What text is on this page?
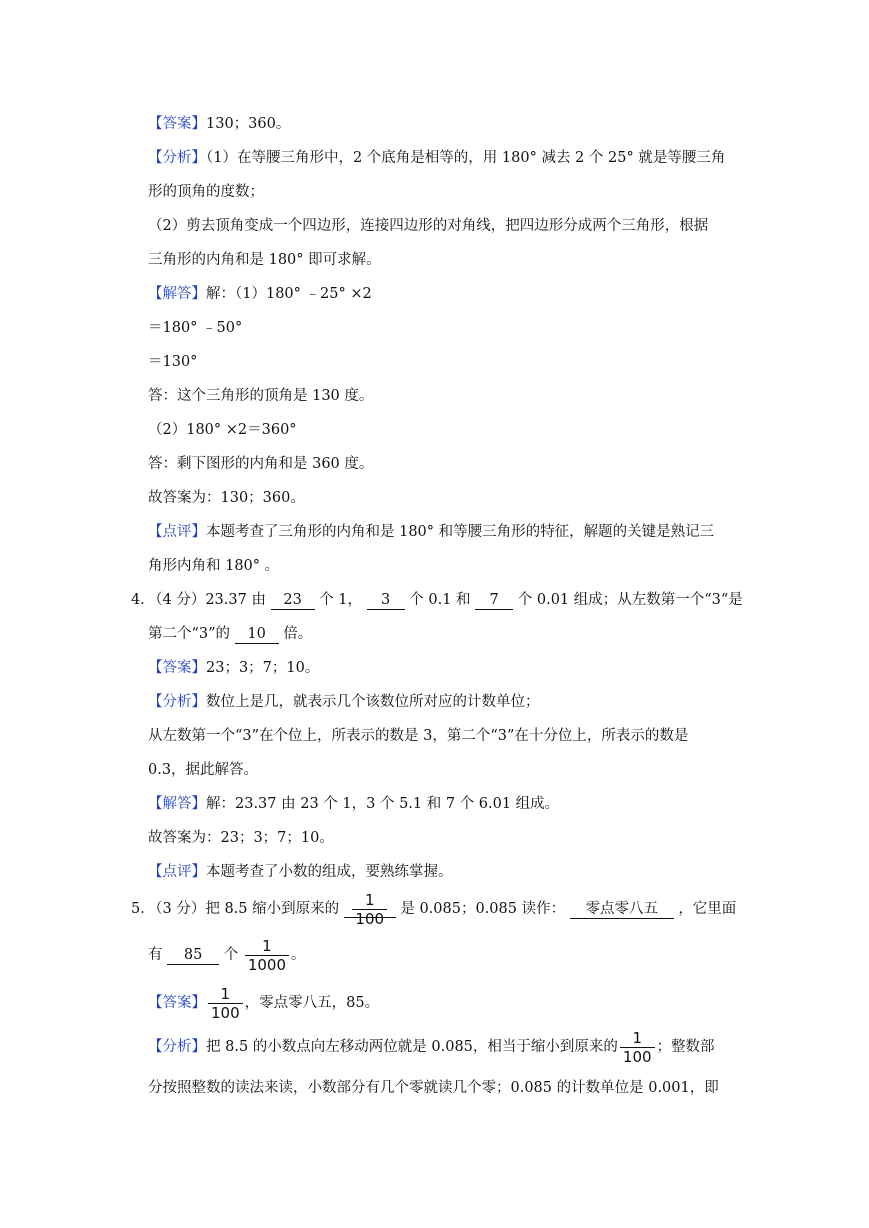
【答案】130；360。
【分析】（1）在等腰三角形中，2 个底角是相等的，用 180° 减去 2 个 25° 就是等腰三角
形的顶角的度数；
（2）剪去顶角变成一个四边形，连接四边形的对角线，把四边形分成两个三角形，根据
三角形的内角和是 180° 即可求解。
【解答】解：（1）180° ﹣25° ×2
＝180° ﹣50°
＝130°
答：这个三角形的顶角是 130 度。
（2）180° ×2＝360°
答：剩下图形的内角和是 360 度。
故答案为：130；360。
【点评】本题考查了三角形的内角和是 180° 和等腰三角形的特征，解题的关键是熟记三
角形内角和 180° 。
4．
（4 分）23.37 由 23 个 1， 3 个 0.1 和 7 个 0.01 组成；从左数第一个“3“是
第二个“3”的 10 倍。
【答案】23；3；7；10。
【分析】数位上是几，就表示几个该数位所对应的计数单位；
从左数第一个“3”在个位上，所表示的数是 3，第二个“3”在十分位上，所表示的数是
0.3，据此解答。
【解答】解：23.37 由 23 个 1，3 个 5.1 和 7 个 6.01 组成。
故答案为：23；3；7；10。
【点评】本题考查了小数的组成，要熟练掌握。
5．
（3 分）把 8.5 缩小到原来的 $\frac{1}{100}$ 是 0.085；0.085 读作： 零点零八五 ，它里面
有 85 个 $\frac{1}{1000}$ 。
【答案】 $\frac{1}{100}$ ，零点零八五，85。
【分析】把 8.5 的小数点向左移动两位就是 0.085，相当于缩小到原来的 $\frac{1}{100}$ ；整数部
分按照整数的读法来读，小数部分有几个零就读几个零；0.085 的计数单位是 0.001，即
